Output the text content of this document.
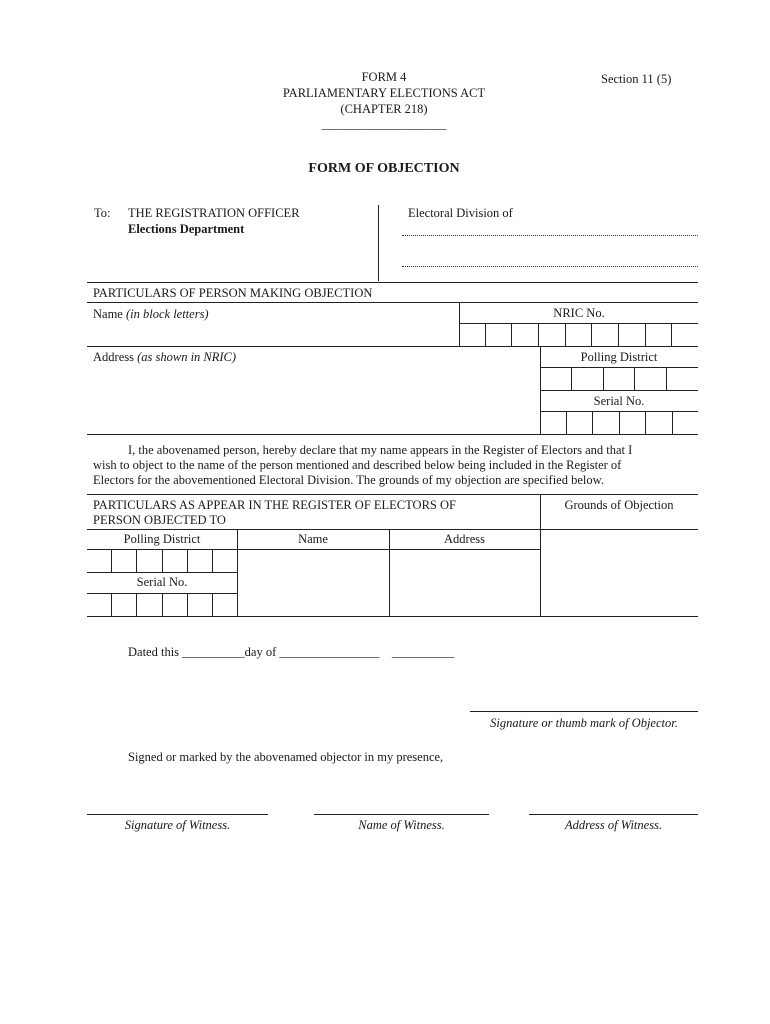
FORM 4
PARLIAMENTARY ELECTIONS ACT
(CHAPTER 218)
____________________
Section 11 (5)
FORM OF OBJECTION
To: THE REGISTRATION OFFICER
Elections Department
Electoral Division of
PARTICULARS OF PERSON MAKING OBJECTION
Name (in block letters)	NRIC No.
Address (as shown in NRIC)	Polling District
Serial No.
I, the abovenamed person, hereby declare that my name appears in the Register of Electors and that I
wish to object to the name of the person mentioned and described below being included in the Register of
Electors for the abovementioned Electoral Division. The grounds of my objection are specified below.
PARTICULARS AS APPEAR IN THE REGISTER OF ELECTORS OF
PERSON OBJECTED TO
Grounds of Objection
Polling District	Name	Address
Serial No.
Dated this __________day of ________________    __________
Signature or thumb mark of Objector.
Signed or marked by the abovenamed objector in my presence,
Signature of Witness.	Name of Witness.	Address of Witness.
